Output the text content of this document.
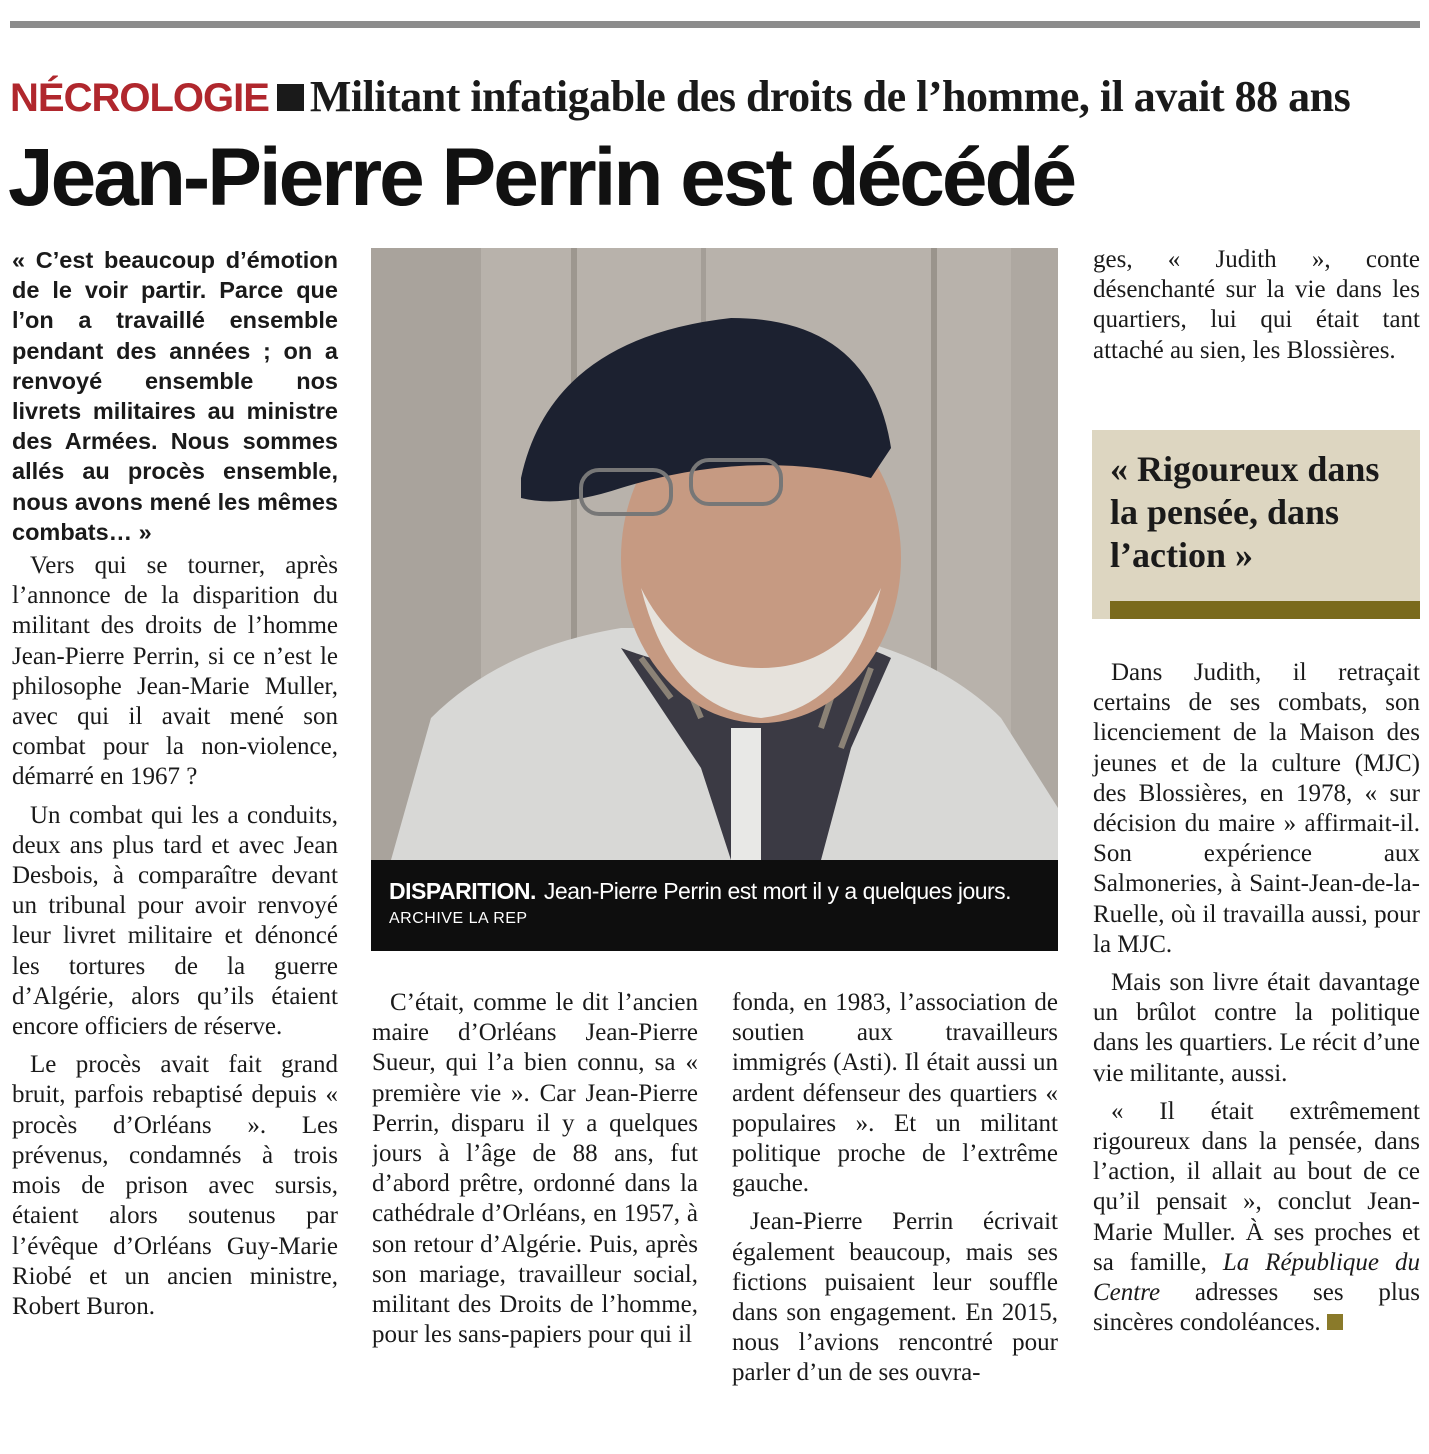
NÉCROLOGIE Militant infatigable des droits de l’homme, il avait 88 ans
Jean-Pierre Perrin est décédé

« C’est beaucoup d’émotion de le voir partir. Parce que l’on a travaillé ensemble pendant des années ; on a renvoyé ensemble nos livrets militaires au ministre des Armées. Nous sommes allés au procès ensemble, nous avons mené les mêmes combats… »

Vers qui se tourner, après l’annonce de la disparition du militant des droits de l’homme Jean-Pierre Perrin, si ce n’est le philosophe Jean-Marie Muller, avec qui il avait mené son combat pour la non-violence, démarré en 1967 ?

Un combat qui les a conduits, deux ans plus tard et avec Jean Desbois, à comparaître devant un tribunal pour avoir renvoyé leur livret militaire et dénoncé les tortures de la guerre d’Algérie, alors qu’ils étaient encore officiers de réserve.

Le procès avait fait grand bruit, parfois rebaptisé depuis « procès d’Orléans ». Les prévenus, condamnés à trois mois de prison avec sursis, étaient alors soutenus par l’évêque d’Orléans Guy-Marie Riobé et un ancien ministre, Robert Buron.

DISPARITION. Jean-Pierre Perrin est mort il y a quelques jours.
ARCHIVE LA REP

C’était, comme le dit l’ancien maire d’Orléans Jean-Pierre Sueur, qui l’a bien connu, sa « première vie ». Car Jean-Pierre Perrin, disparu il y a quelques jours à l’âge de 88 ans, fut d’abord prêtre, ordonné dans la cathédrale d’Orléans, en 1957, à son retour d’Algérie. Puis, après son mariage, travailleur social, militant des Droits de l’homme, pour les sans-papiers pour qui il

fonda, en 1983, l’association de soutien aux travailleurs immigrés (Asti). Il était aussi un ardent défenseur des quartiers « populaires ». Et un militant politique proche de l’extrême gauche.

Jean-Pierre Perrin écrivait également beaucoup, mais ses fictions puisaient leur souffle dans son engagement. En 2015, nous l’avions rencontré pour parler d’un de ses ouvra-

ges, « Judith », conte désenchanté sur la vie dans les quartiers, lui qui était tant attaché au sien, les Blossières.

« Rigoureux dans la pensée, dans l’action »

Dans Judith, il retraçait certains de ses combats, son licenciement de la Maison des jeunes et de la culture (MJC) des Blossières, en 1978, « sur décision du maire » affirmait-il. Son expérience aux Salmoneries, à Saint-Jean-de-la-Ruelle, où il travailla aussi, pour la MJC.

Mais son livre était davantage un brûlot contre la politique dans les quartiers. Le récit d’une vie militante, aussi.

« Il était extrêmement rigoureux dans la pensée, dans l’action, il allait au bout de ce qu’il pensait », conclut Jean-Marie Muller. À ses proches et sa famille, La République du Centre adresses ses plus sincères condoléances.
